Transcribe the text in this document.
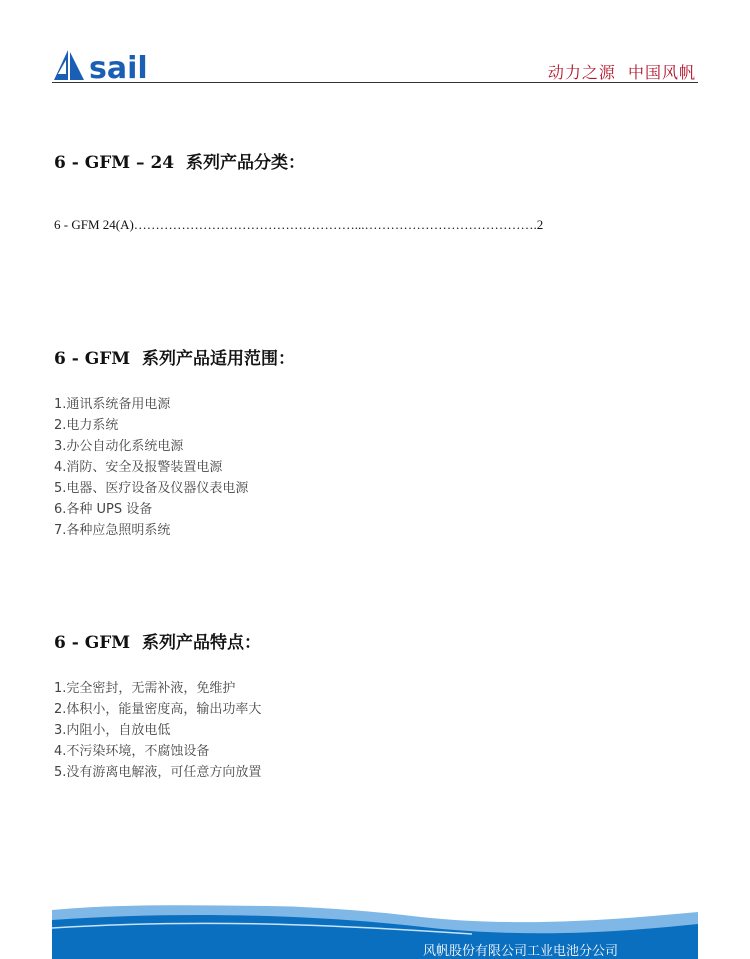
sail	动力之源  中国风帆
6 - GFM – 24  系列产品分类：
6 - GFM 24(A)……………………………………………...………………………………….2
6 - GFM  系列产品适用范围：
1.通讯系统备用电源
2.电力系统
3.办公自动化系统电源
4.消防、安全及报警装置电源
5.电器、医疗设备及仪器仪表电源
6.各种 UPS 设备
7.各种应急照明系统
6 - GFM  系列产品特点：
1.完全密封，无需补液，免维护
2.体积小，能量密度高，输出功率大
3.内阻小，自放电低
4.不污染环境，不腐蚀设备
5.没有游离电解液，可任意方向放置
风帆股份有限公司工业电池分公司
